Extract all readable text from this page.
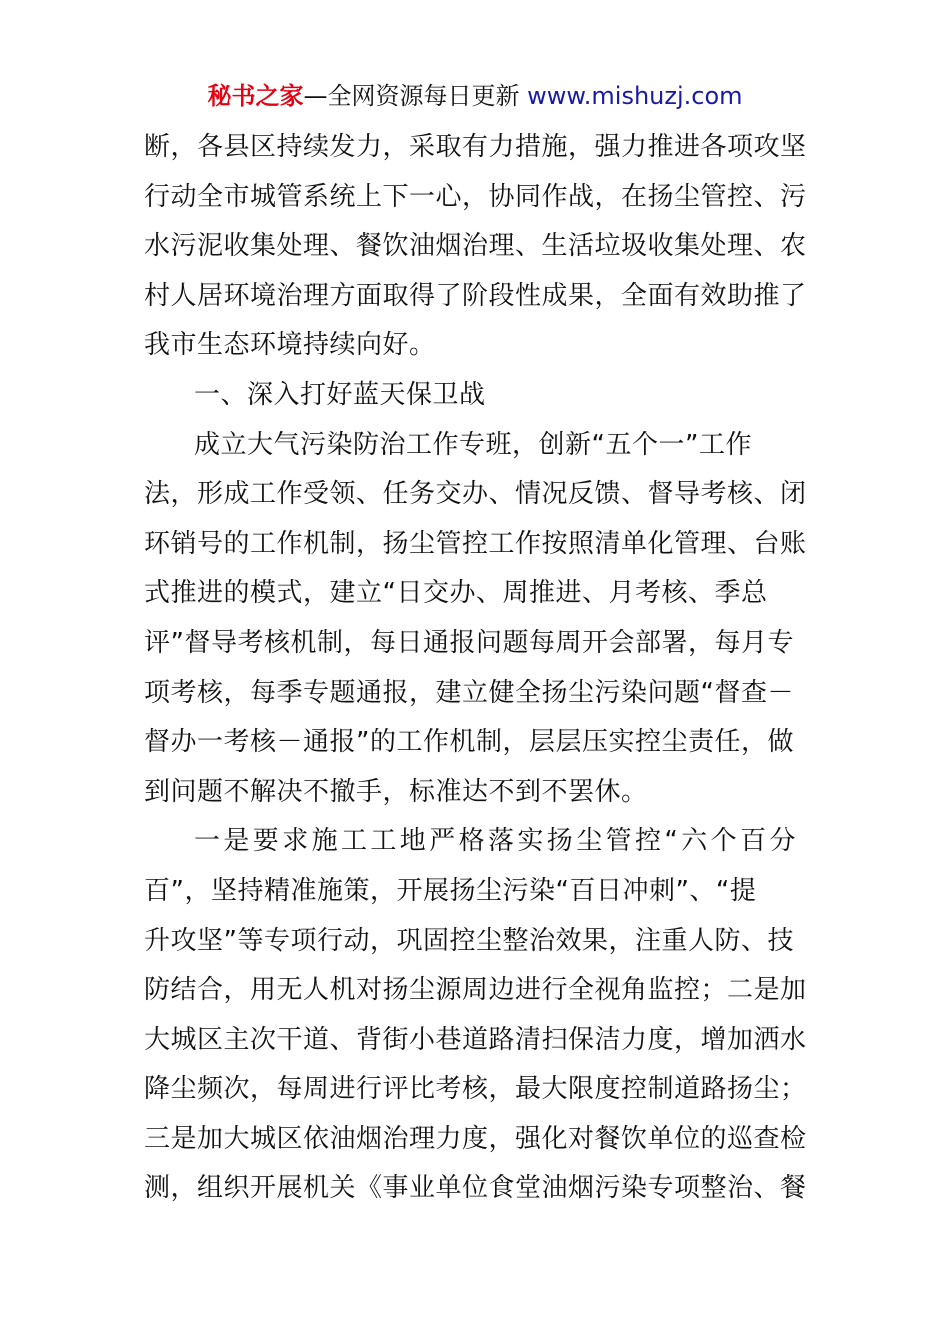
秘书之家—全网资源每日更新 www.mishuzj.com
断，各县区持续发力，采取有力措施，强力推进各项攻坚
行动全市城管系统上下一心，协同作战，在扬尘管控、污
水污泥收集处理、餐饮油烟治理、生活垃圾收集处理、农
村人居环境治理方面取得了阶段性成果，全面有效助推了
我市生态环境持续向好。
一、深入打好蓝天保卫战
成立大气污染防治工作专班，创新“五个一”工作
法，形成工作受领、任务交办、情况反馈、督导考核、闭
环销号的工作机制，扬尘管控工作按照清单化管理、台账
式推进的模式，建立“日交办、周推进、月考核、季总
评”督导考核机制，每日通报问题每周开会部署，每月专
项考核，每季专题通报，建立健全扬尘污染问题“督查－
督办一考核－通报”的工作机制，层层压实控尘责任，做
到问题不解决不撤手，标准达不到不罢休。
一是要求施工工地严格落实扬尘管控“六个百分
百”，坚持精准施策，开展扬尘污染“百日冲刺”、“提
升攻坚”等专项行动，巩固控尘整治效果，注重人防、技
防结合，用无人机对扬尘源周边进行全视角监控；二是加
大城区主次干道、背街小巷道路清扫保洁力度，增加洒水
降尘频次，每周进行评比考核，最大限度控制道路扬尘；
三是加大城区依油烟治理力度，强化对餐饮单位的巡查检
测，组织开展机关《事业单位食堂油烟污染专项整治、餐
